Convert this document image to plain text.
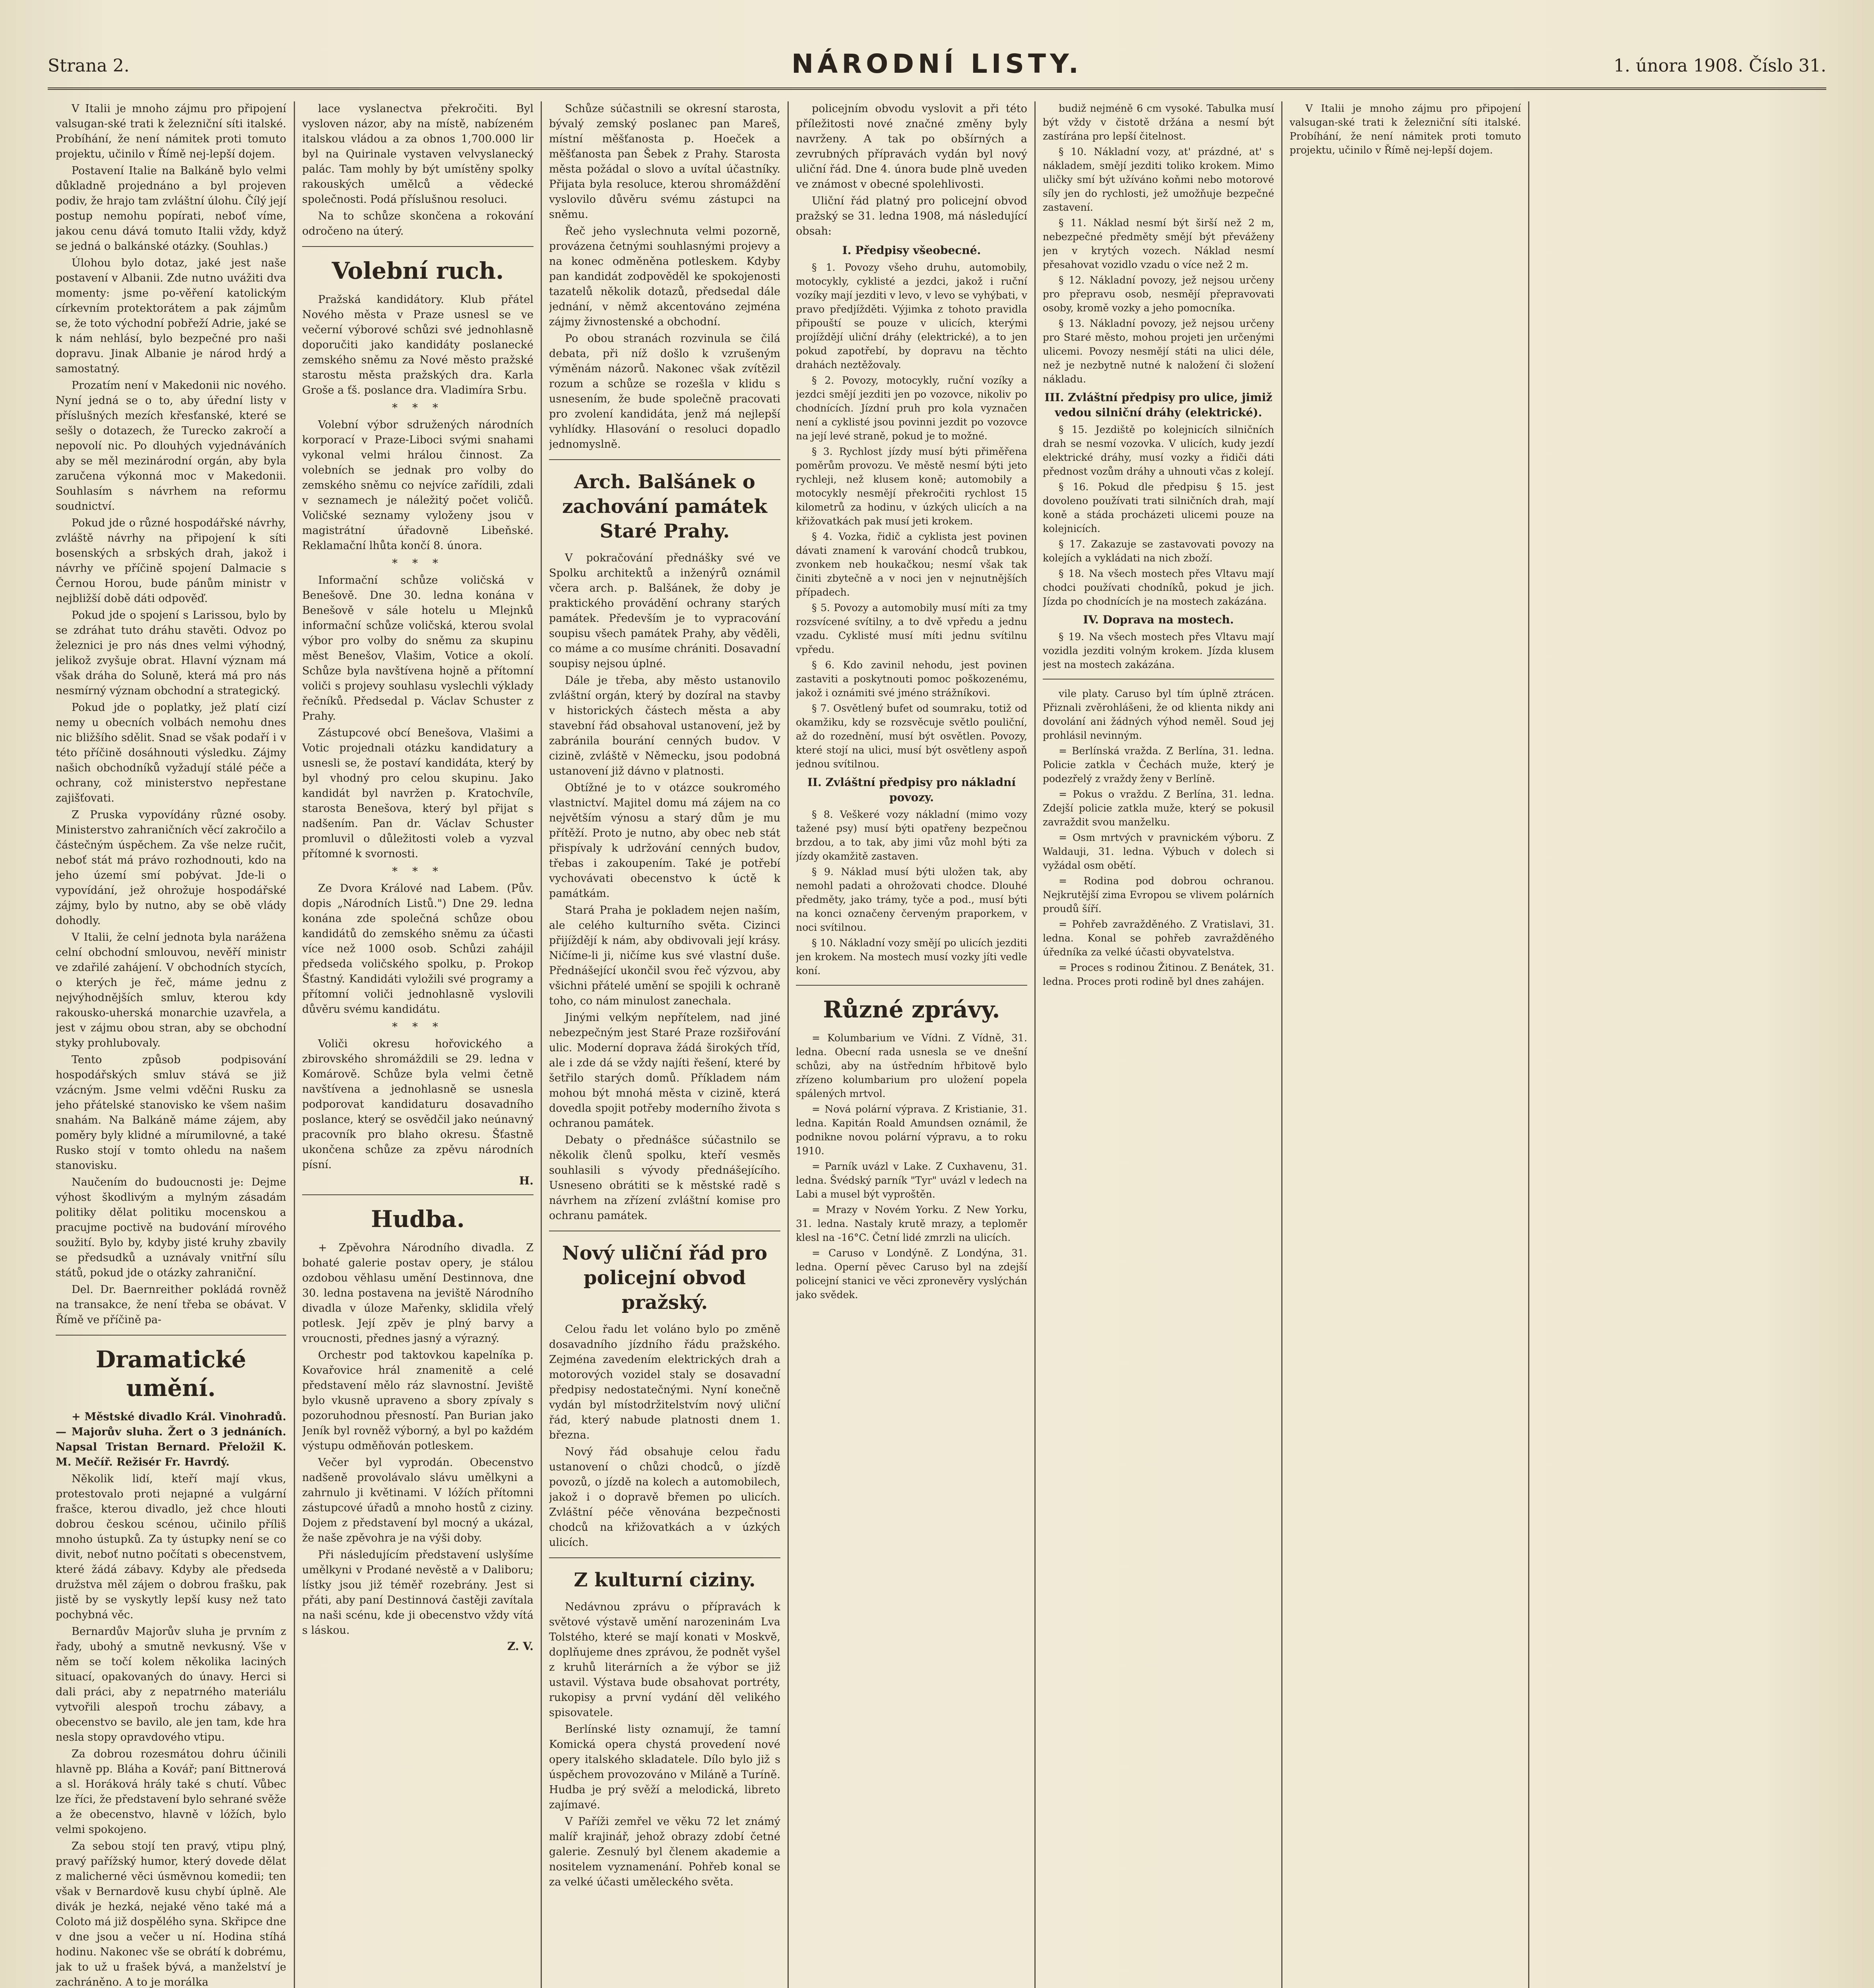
Strana 2.	NÁRODNÍ LISTY.	1. února 1908. Číslo 31.

V Italii je mnoho zájmu pro připojení valsugan-ské trati k železniční síti italské. Probíhání, že není námitek proti tomuto projektu, učinilo v Římě nej-lepší dojem.

Postavení Italie na Balkáně bylo velmi důkladně projednáno a byl projeven podiv, že hrajo tam zvláštní úlohu. Čílý její postup nemohu popírati, neboť víme, jakou cenu dává tomuto Italii vždy, když se jedná o balkánské otázky. (Souhlas.)

Úlohou bylo dotaz, jaké jest naše postavení v Albanii. Zde nutno uvážiti dva momenty: jsme po-věření katolickým církevním protektorátem a pak zájmům se, že toto východní pobřeží Adrie, jaké se k nám nehlásí, bylo bezpečné pro naši dopravu. Jinak Albanie je národ hrdý a samostatný.

Prozatím není v Makedonii nic nového. Nyní jedná se o to, aby úřední listy v příslušných mezích křesťanské, které se sešly o dotazech, že Turecko zakročí a nepovolí nic. Po dlouhých vyjednáváních aby se měl mezinárodní orgán, aby byla zaručena výkonná moc v Makedonii. Souhlasím s návrhem na reformu soudnictví.

Pokud jde o různé hospodářské návrhy, zvláště návrhy na připojení k síti bosenských a srbských drah, jakož i návrhy ve příčině spojení Dalmacie s Černou Horou, bude pánům ministr v nejbližší době dáti odpověď.

Pokud jde o spojení s Larissou, bylo by se zdráhat tuto dráhu stavěti. Odvoz po železnici je pro nás dnes velmi výhodný, jelikož zvyšuje obrat. Hlavní význam má však dráha do Soluně, která má pro nás nesmírný význam obchodní a strategický.

Pokud jde o poplatky, jež platí cizí nemy u obecních volbách nemohu dnes nic bližšího sdělit. Snad se však podaří i v této příčině dosáhnouti výsledku. Zájmy našich obchodníků vyžadují stálé péče a ochrany, což ministerstvo nepřestane zajišťovati.

Z Pruska vypovídány různé osoby. Ministerstvo zahraničních věcí zakročilo a částečným úspěchem. Za vše nelze ručit, neboť stát má právo rozhodnouti, kdo na jeho území smí pobývat. Jde-li o vypovídání, jež ohrožuje hospodářské zájmy, bylo by nutno, aby se obě vlády dohodly.

V Italii, že celní jednota byla narážena celní obchodní smlouvou, nevěří ministr ve zdařilé zahájení. V obchodních stycích, o kterých je řeč, máme jednu z nejvýhodnějších smluv, kterou kdy rakousko-uherská monarchie uzavřela, a jest v zájmu obou stran, aby se obchodní styky prohlubovaly.

Tento způsob podpisování hospodářských smluv stává se již vzácným. Jsme velmi vděčni Rusku za jeho přátelské stanovisko ke všem našim snahám. Na Balkáně máme zájem, aby poměry byly klidné a mírumilovné, a také Rusko stojí v tomto ohledu na našem stanovisku.

Naučením do budoucnosti je: Dejme výhost škodlivým a mylným zásadám politiky dělat politiku mocenskou a pracujme poctivě na budování mírového soužití. Bylo by, kdyby jisté kruhy zbavily se předsudků a uznávaly vnitřní sílu států, pokud jde o otázky zahraniční.

Del. Dr. Baernreither pokládá rovněž na transakce, že není třeba se obávat. V Římě ve příčině pa-

Dramatické umění.

+ Městské divadlo Král. Vinohradů. — Majorův sluha. Žert o 3 jednáních. Napsal Tristan Bernard. Přeložil K. M. Mečíř. Režisér Fr. Havrdý.

Několik lidí, kteří mají vkus, protestovalo proti nejapné a vulgární frašce, kterou divadlo, jež chce hlouti dobrou českou scénou, učinilo příliš mnoho ústupků. Za ty ústupky není se co divit, neboť nutno počítati s obecenstvem, které žádá zábavy. Kdyby ale předseda družstva měl zájem o dobrou frašku, pak jistě by se vyskytly lepší kusy než tato pochybná věc.

Bernardův Majorův sluha je prvním z řady, ubohý a smutně nevkusný. Vše v něm se točí kolem několika laciných situací, opakovaných do únavy. Herci si dali práci, aby z nepatrného materiálu vytvořili alespoň trochu zábavy, a obecenstvo se bavilo, ale jen tam, kde hra nesla stopy opravdového vtipu.

Za dobrou rozesmátou dohru účinili hlavně pp. Bláha a Kovář; paní Bittnerová a sl. Horáková hrály také s chutí. Vůbec lze říci, že představení bylo sehrané svěže a že obecenstvo, hlavně v lóžích, bylo velmi spokojeno.

Za sebou stojí ten pravý, vtipu plný, pravý pařížský humor, který dovede dělat z malicherné věci úsměvnou komedii; ten však v Bernardově kusu chybí úplně. Ale divák je hezká, nejaké věno také má a Coloto má již dospělého syna. Skřipce dne v dne jsou a večer u ní. Hodina stíhá hodinu. Nakonec vše se obrátí k dobrému, jak to už u frašek bývá, a manželství je zachráněno. A to je morálka

lace vyslanectva překročiti. Byl vysloven názor, aby na místě, nabízeném italskou vládou a za obnos 1,700.000 lir byl na Quirinale vystaven velvyslanecký palác. Tam mohly by být umístěny spolky rakouských umělců a vědecké společnosti. Podá příslušnou resoluci.

Na to schůze skončena a rokování odročeno na úterý.

Volební ruch.

Pražská kandidátory. Klub přátel Nového města v Praze usnesl se ve večerní výborové schůzi své jednohlasně doporučiti jako kandidáty poslanecké zemského sněmu za Nové město pražské starostu města pražských dra. Karla Groše a ťš. poslance dra. Vladimíra Srbu.

* * *

Volební výbor sdružených národních korporací v Praze-Liboci svými snahami vykonal velmi hrálou činnost. Za volebních se jednak pro volby do zemského sněmu co nejvíce zařídili, zdali v seznamech je náležitý počet voličů. Voličské seznamy vyloženy jsou v magistrátní úřadovně Libeňské. Reklamační lhůta končí 8. února.

* * *

Informační schůze voličská v Benešově. Dne 30. ledna konána v Benešově v sále hotelu u Mlejnků informační schůze voličská, kterou svolal výbor pro volby do sněmu za skupinu měst Benešov, Vlašim, Votice a okolí. Schůze byla navštívena hojně a přítomní voliči s projevy souhlasu vyslechli výklady řečníků. Předsedal p. Václav Schuster z Prahy.

Zástupcové obcí Benešova, Vlašimi a Votic projednali otázku kandidatury a usnesli se, že postaví kandidáta, který by byl vhodný pro celou skupinu. Jako kandidát byl navržen p. Kratochvíle, starosta Benešova, který byl přijat s nadšením. Pan dr. Václav Schuster promluvil o důležitosti voleb a vyzval přítomné k svornosti.

* * *

Ze Dvora Králové nad Labem. (Pův. dopis „Národních Listů.") Dne 29. ledna konána zde společná schůze obou kandidátů do zemského sněmu za účasti více než 1000 osob. Schůzi zahájil předseda voličského spolku, p. Prokop Šťastný. Kandidáti vyložili své programy a přítomní voliči jednohlasně vyslovili důvěru svému kandidátu.

* * *

Voliči okresu hořovického a zbirovského shromáždili se 29. ledna v Komárově. Schůze byla velmi četně navštívena a jednohlasně se usnesla podporovat kandidaturu dosavadního poslance, který se osvědčil jako neúnavný pracovník pro blaho okresu. Šťastně ukončena schůze za zpěvu národních písní.

H.
Hudba.

+ Zpěvohra Národního divadla. Z bohaté galerie postav opery, je stálou ozdobou věhlasu umění Destinnova, dne 30. ledna postavena na jeviště Národního divadla v úloze Mařenky, sklidila vřelý potlesk. Její zpěv je plný barvy a vroucnosti, přednes jasný a výrazný.

Orchestr pod taktovkou kapelníka p. Kovařovice hrál znamenitě a celé představení mělo ráz slavnostní. Jeviště bylo vkusně upraveno a sbory zpívaly s pozoruhodnou přesností. Pan Burian jako Jeník byl rovněž výborný, a byl po každém výstupu odměňován potleskem.

Večer byl vyprodán. Obecenstvo nadšeně provolávalo slávu umělkyni a zahrnulo ji květinami. V lóžích přítomni zástupcové úřadů a mnoho hostů z ciziny. Dojem z představení byl mocný a ukázal, že naše zpěvohra je na výši doby.

Při následujícím představení uslyšíme umělkyni v Prodané nevěstě a v Daliboru; lístky jsou již téměř rozebrány. Jest si přáti, aby paní Destinnová častěji zavítala na naši scénu, kde ji obecenstvo vždy vítá s láskou.

Z. V.

Schůze súčastnili se okresní starosta, bývalý zemský poslanec pan Mareš, místní měšťanosta p. Hoeček a měšťanosta pan Šebek z Prahy. Starosta města požádal o slovo a uvítal účastníky. Přijata byla resoluce, kterou shromáždění vyslovilo důvěru svému zástupci na sněmu.

Řeč jeho vyslechnuta velmi pozorně, provázena četnými souhlasnými projevy a na konec odměněna potleskem. Kdyby pan kandidát zodpověděl ke spokojenosti tazatelů několik dotazů, předsedal dále jednání, v němž akcentováno zejména zájmy živnostenské a obchodní.

Po obou stranách rozvinula se čilá debata, při níž došlo k vzrušeným výměnám názorů. Nakonec však zvítězil rozum a schůze se rozešla v klidu s usnesením, že bude společně pracovati pro zvolení kandidáta, jenž má nejlepší vyhlídky. Hlasování o resoluci dopadlo jednomyslně.

Arch. Balšánek o zachování památek Staré Prahy.

V pokračování přednášky své ve Spolku architektů a inženýrů oznámil včera arch. p. Balšánek, že doby je praktického provádění ochrany starých památek. Především je to vypracování soupisu všech památek Prahy, aby věděli, co máme a co musíme chrániti. Dosavadní soupisy nejsou úplné.

Dále je třeba, aby město ustanovilo zvláštní orgán, který by dozíral na stavby v historických částech města a aby stavební řád obsahoval ustanovení, jež by zabránila bourání cenných budov. V cizině, zvláště v Německu, jsou podobná ustanovení již dávno v platnosti.

Obtížné je to v otázce soukromého vlastnictví. Majitel domu má zájem na co největším výnosu a starý dům je mu přítěží. Proto je nutno, aby obec neb stát přispívaly k udržování cenných budov, třebas i zakoupením. Také je potřebí vychovávati obecenstvo k úctě k památkám.

Stará Praha je pokladem nejen naším, ale celého kulturního světa. Cizinci přijíždějí k nám, aby obdivovali její krásy. Ničíme-li ji, ničíme kus své vlastní duše. Přednášející ukončil svou řeč výzvou, aby všichni přátelé umění se spojili k ochraně toho, co nám minulost zanechala.

Jinými velkým nepřítelem, nad jiné nebezpečným jest Staré Praze rozšiřování ulic. Moderní doprava žádá širokých tříd, ale i zde dá se vždy najíti řešení, které by šetřilo starých domů. Příkladem nám mohou být mnohá města v cizině, která dovedla spojit potřeby moderního života s ochranou památek.

Debaty o přednášce súčastnilo se několik členů spolku, kteří vesměs souhlasili s vývody přednášejícího. Usneseno obrátiti se k městské radě s návrhem na zřízení zvláštní komise pro ochranu památek.

Nový uliční řád pro policejní obvod pražský.

Celou řadu let voláno bylo po změně dosavadního jízdního řádu pražského. Zejména zavedením elektrických drah a motorových vozidel staly se dosavadní předpisy nedostatečnými. Nyní konečně vydán byl místodržitelstvím nový uliční řád, který nabude platnosti dnem 1. března.

Nový řád obsahuje celou řadu ustanovení o chůzi chodců, o jízdě povozů, o jízdě na kolech a automobilech, jakož i o dopravě břemen po ulicích. Zvláštní péče věnována bezpečnosti chodců na křižovatkách a v úzkých ulicích.

Z kulturní ciziny.

Nedávnou zprávu o přípravách k světové výstavě umění narozeninám Lva Tolstého, které se mají konati v Moskvě, doplňujeme dnes zprávou, že podnět vyšel z kruhů literárních a že výbor se již ustavil. Výstava bude obsahovat portréty, rukopisy a první vydání děl velikého spisovatele.

Berlínské listy oznamují, že tamní Komická opera chystá provedení nové opery italského skladatele. Dílo bylo již s úspěchem provozováno v Miláně a Turíně. Hudba je prý svěží a melodická, libreto zajímavé.

V Paříži zemřel ve věku 72 let známý malíř krajinář, jehož obrazy zdobí četné galerie. Zesnulý byl členem akademie a nositelem vyznamenání. Pohřeb konal se za velké účasti uměleckého světa.

policejním obvodu vyslovit a při této příležitosti nové značné změny byly navrženy. A tak po obšírných a zevrubných přípravách vydán byl nový uliční řád. Dne 4. února bude plně uveden ve známost v obecné spolehlivosti.

Uliční řád platný pro policejní obvod pražský se 31. ledna 1908, má následující obsah:

I. Předpisy všeobecné.

§ 1. Povozy všeho druhu, automobily, motocykly, cyklisté a jezdci, jakož i ruční vozíky mají jezditi v levo, v levo se vyhýbati, v pravo předjížděti. Výjimka z tohoto pravidla připouští se pouze v ulicích, kterými projíždějí uliční dráhy (elektrické), a to jen pokud zapotřebí, by dopravu na těchto drahách neztěžovaly.

§ 2. Povozy, motocykly, ruční vozíky a jezdci smějí jezditi jen po vozovce, nikoliv po chodnících. Jízdní pruh pro kola vyznačen není a cyklisté jsou povinni jezdit po vozovce na její levé straně, pokud je to možné.

§ 3. Rychlost jízdy musí býti přiměřena poměrům provozu. Ve městě nesmí býti jeto rychleji, než klusem koně; automobily a motocykly nesmějí překročiti rychlost 15 kilometrů za hodinu, v úzkých ulicích a na křižovatkách pak musí jeti krokem.

§ 4. Vozka, řidič a cyklista jest povinen dávati znamení k varování chodců trubkou, zvonkem neb houkačkou; nesmí však tak činiti zbytečně a v noci jen v nejnutnějších případech.

§ 5. Povozy a automobily musí míti za tmy rozsvícené svítilny, a to dvě vpředu a jednu vzadu. Cyklisté musí míti jednu svítilnu vpředu.

§ 6. Kdo zavinil nehodu, jest povinen zastaviti a poskytnouti pomoc poškozenému, jakož i oznámiti své jméno strážníkovi.

§ 7. Osvětlený bufet od soumraku, totiž od okamžiku, kdy se rozsvěcuje světlo pouliční, až do rozednění, musí být osvětlen. Povozy, které stojí na ulici, musí být osvětleny aspoň jednou svítilnou.

II. Zvláštní předpisy pro nákladní povozy.

§ 8. Veškeré vozy nákladní (mimo vozy tažené psy) musí býti opatřeny bezpečnou brzdou, a to tak, aby jimi vůz mohl býti za jízdy okamžitě zastaven.

§ 9. Náklad musí býti uložen tak, aby nemohl padati a ohrožovati chodce. Dlouhé předměty, jako trámy, tyče a pod., musí býti na konci označeny červeným praporkem, v noci svítilnou.

§ 10. Nákladní vozy smějí po ulicích jezditi jen krokem. Na mostech musí vozky jíti vedle koní.

Různé zprávy.

= Kolumbarium ve Vídni. Z Vídně, 31. ledna. Obecní rada usnesla se ve dnešní schůzi, aby na ústředním hřbitově bylo zřízeno kolumbarium pro uložení popela spálených mrtvol.

= Nová polární výprava. Z Kristianie, 31. ledna. Kapitán Roald Amundsen oznámil, že podnikne novou polární výpravu, a to roku 1910.

= Parník uvázl v Lake. Z Cuxhavenu, 31. ledna. Švédský parník "Tyr" uvázl v ledech na Labi a musel být vyproštěn.

= Mrazy v Novém Yorku. Z New Yorku, 31. ledna. Nastaly krutě mrazy, a teploměr klesl na -16°C. Četní lidé zmrzli na ulicích.

= Caruso v Londýně. Z Londýna, 31. ledna. Operní pěvec Caruso byl na zdejší policejní stanici ve věci zpronevěry vyslýchán jako svědek.

budiž nejméně 6 cm vysoké. Tabulka musí být vždy v čistotě držána a nesmí být zastírána pro lepší čitelnost.

§ 10. Nákladní vozy, at' prázdné, at' s nákladem, smějí jezditi toliko krokem. Mimo uličky smí být užíváno koňmi nebo motorové síly jen do rychlosti, jež umožňuje bezpečné zastavení.

§ 11. Náklad nesmí být širší než 2 m, nebezpečné předměty smějí být převáženy jen v krytých vozech. Náklad nesmí přesahovat vozidlo vzadu o více než 2 m.

§ 12. Nákladní povozy, jež nejsou určeny pro přepravu osob, nesmějí přepravovati osoby, kromě vozky a jeho pomocníka.

§ 13. Nákladní povozy, jež nejsou určeny pro Staré město, mohou projeti jen určenými ulicemi. Povozy nesmějí státi na ulici déle, než je nezbytně nutné k naložení či složení nákladu.

III. Zvláštní předpisy pro ulice, jimiž vedou silniční dráhy (elektrické).

§ 15. Jezdiště po kolejnicích silničních drah se nesmí vozovka. V ulicích, kudy jezdí elektrické dráhy, musí vozky a řidiči dáti přednost vozům dráhy a uhnouti včas z kolejí.

§ 16. Pokud dle předpisu § 15. jest dovoleno používati trati silničních drah, mají koně a stáda procházeti ulicemi pouze na kolejnicích.

§ 17. Zakazuje se zastavovati povozy na kolejích a vykládati na nich zboží.

§ 18. Na všech mostech přes Vltavu mají chodci používati chodníků, pokud je jich. Jízda po chodnících je na mostech zakázána.

IV. Doprava na mostech.

§ 19. Na všech mostech přes Vltavu mají vozidla jezditi volným krokem. Jízda klusem jest na mostech zakázána.

vile platy. Caruso byl tím úplně ztrácen. Přiznali zvěrohlášeni, že od klienta nikdy ani dovolání ani žádných výhod neměl. Soud jej prohlásil nevinným.

= Berlínská vražda. Z Berlína, 31. ledna. Policie zatkla v Čechách muže, který je podezřelý z vraždy ženy v Berlíně.

= Pokus o vraždu. Z Berlína, 31. ledna. Zdejší policie zatkla muže, který se pokusil zavraždit svou manželku.

= Osm mrtvých v pravnickém výboru. Z Waldauji, 31. ledna. Výbuch v dolech si vyžádal osm obětí.

= Rodina pod dobrou ochranou. Nejkrutější zima Evropou se vlivem polárních proudů šíří.

= Pohřeb zavražděného. Z Vratislavi, 31. ledna. Konal se pohřeb zavražděného úředníka za velké účasti obyvatelstva.

= Proces s rodinou Žitinou. Z Benátek, 31. ledna. Proces proti rodině byl dnes zahájen.

V Italii je mnoho zájmu pro připojení valsugan-ské trati k železniční síti italské. Probíhání, že není námitek proti tomuto projektu, učinilo v Římě nej-lepší dojem.
